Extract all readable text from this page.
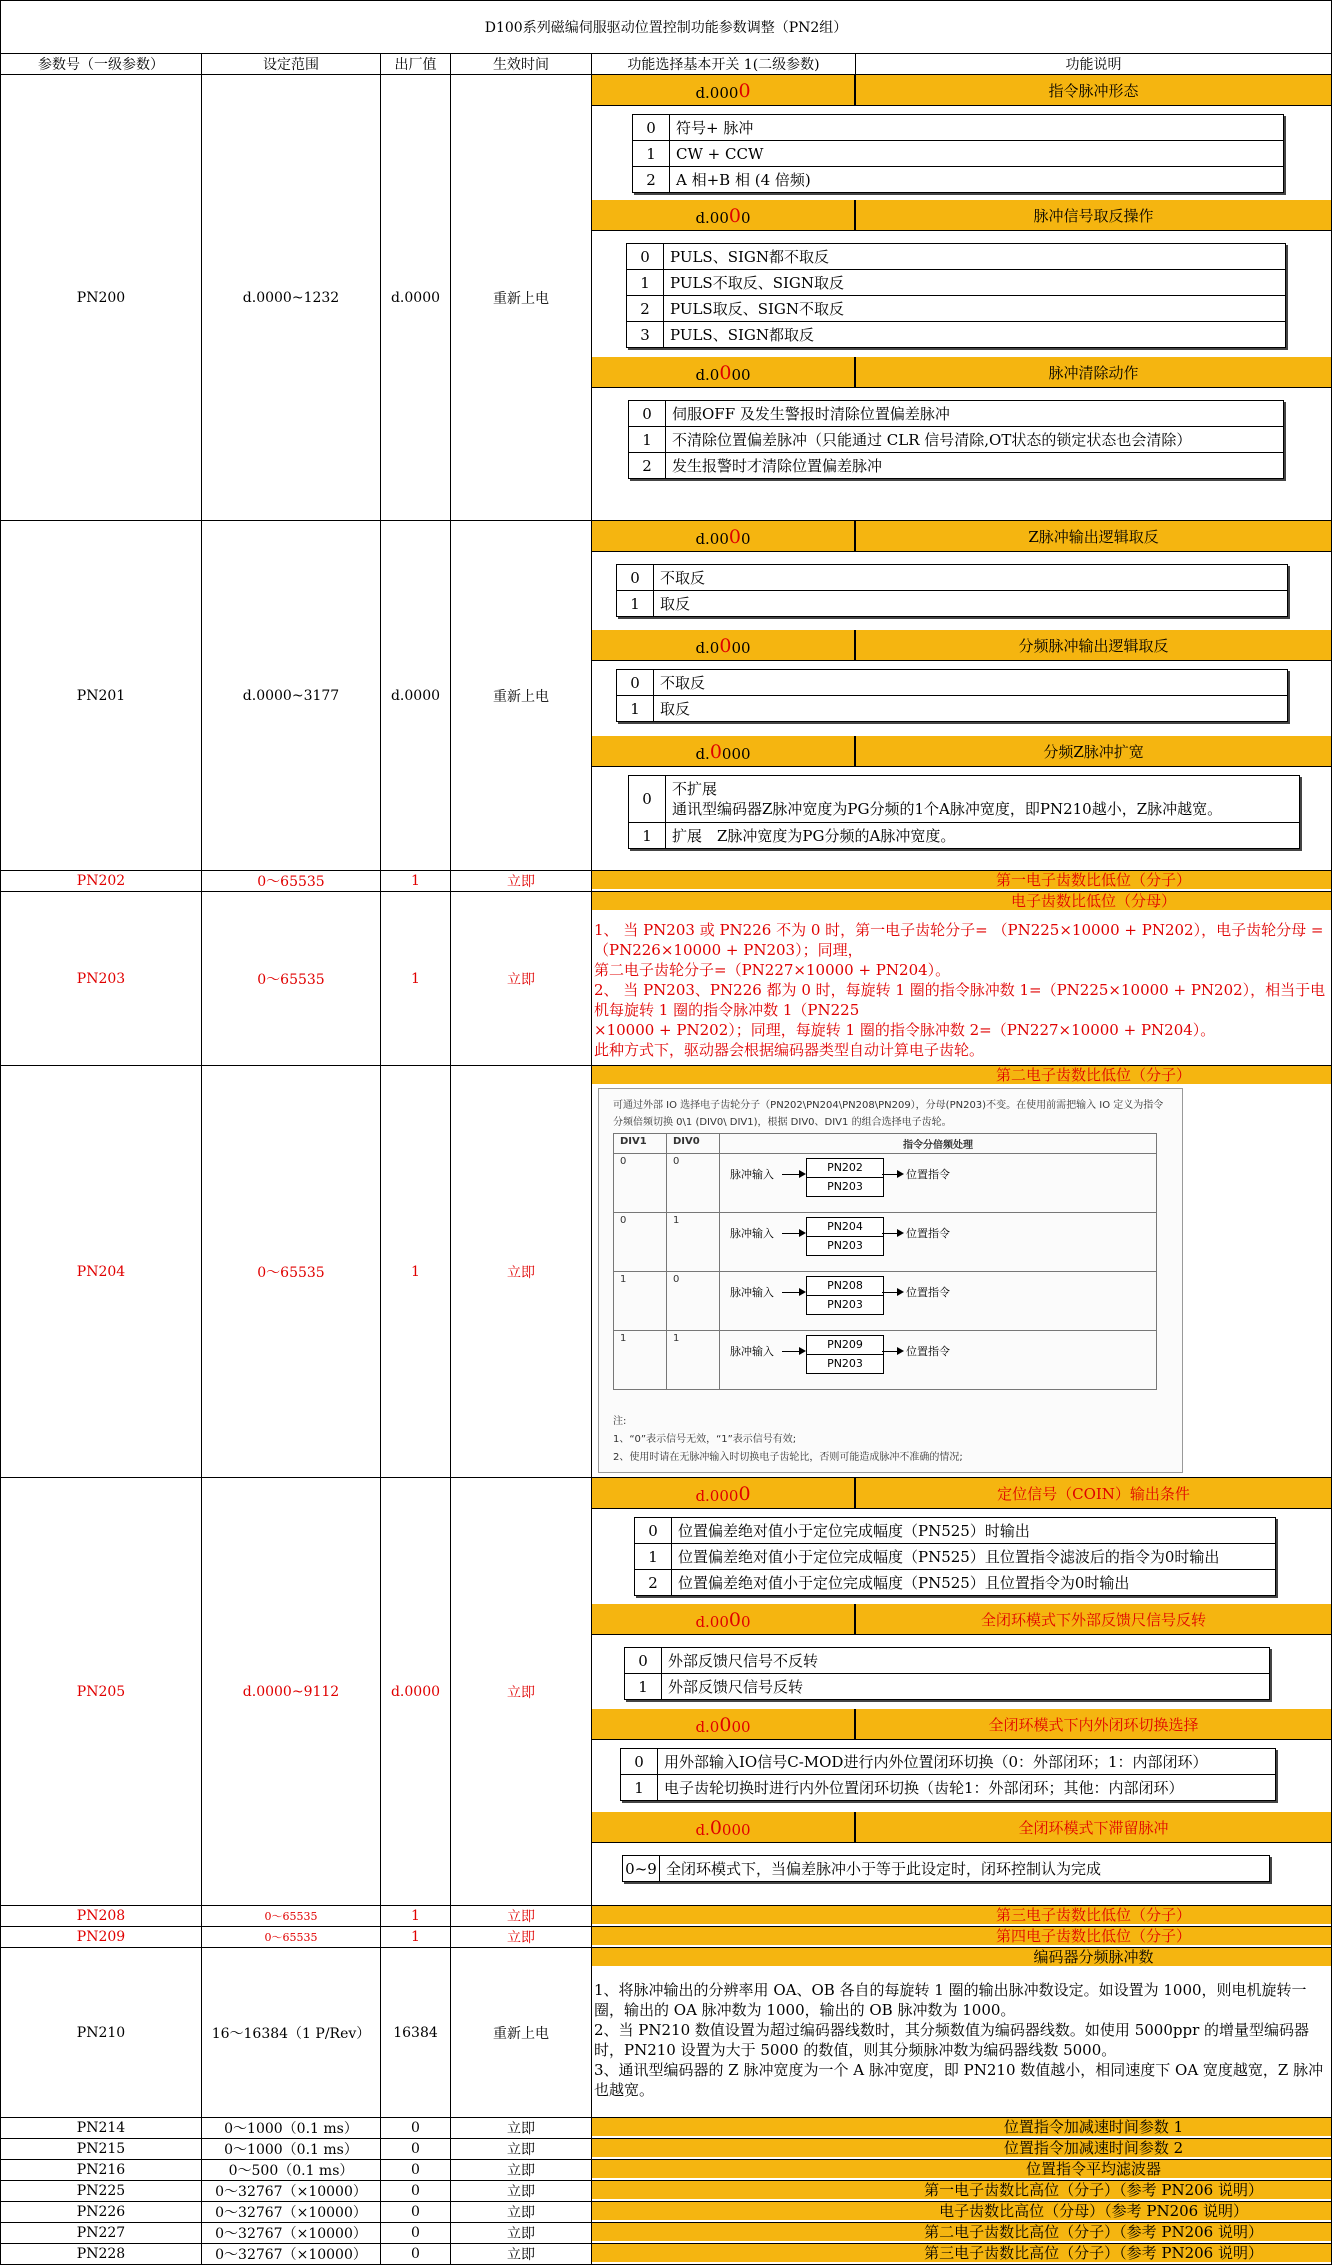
D100系列磁编伺服驱动位置控制功能参数调整（PN2组）
参数号（一级参数）	设定范围	出厂值	生效时间	功能选择基本开关 1(二级参数)	功能说明
PN200	d.0000~1232	d.0000	重新上电	
d.000 0	指令脉冲形态
0	符号+ 脉冲
1	CW + CCW
2	A 相+B 相 (4 倍频)
d.00 0 0	脉冲信号取反操作
0	PULS、SIGN都不取反
1	PULS不取反、SIGN取反
2	PULS取反、SIGN不取反
3	PULS、SIGN都取反
d.0 0 00	脉冲清除动作
0	伺服OFF 及发生警报时清除位置偏差脉冲
1	不清除位置偏差脉冲（只能通过 CLR 信号清除,OT状态的锁定状态也会清除）
2	发生报警时才清除位置偏差脉冲

PN201	d.0000~3177	d.0000	重新上电	
d.00 0 0	Z脉冲输出逻辑取反
0	不取反
1	取反
d.0 0 00	分频脉冲输出逻辑取反
0	不取反
1	取反
d. 0 000	分频Z脉冲扩宽
0	
不扩展
通讯型编码器Z脉冲宽度为PG分频的1个A脉冲宽度，即PN210越小，Z脉冲越宽。

1	扩展　Z脉冲宽度为PG分频的A脉冲宽度。

PN202	0～65535	1	立即	第一电子齿数比低位（分子）

PN203	0～65535	1	立即	
电子齿数比低位（分母）
1、 当 PN203 或 PN226 不为 0 时，第一电子齿轮分子= （PN225×10000 + PN202），电子齿轮分母 =（PN226×10000 + PN203）；同理，
第二电子齿轮分子=（PN227×10000 + PN204）。
2、 当 PN203、PN226 都为 0 时，每旋转 1 圈的指令脉冲数 1=（PN225×10000 + PN202），相当于电机每旋转 1 圈的指令脉冲数 1（PN225
×10000 + PN202）；同理，每旋转 1 圈的指令脉冲数 2=（PN227×10000 + PN204）。
此种方式下，驱动器会根据编码器类型自动计算电子齿轮。

PN204	0～65535	1	立即	
第二电子齿数比低位（分子）
可通过外部 IO 选择电子齿轮分子（PN202\PN204\PN208\PN209），分母(PN203)不变。在使用前需把输入 IO 定义为指令分频倍频切换 0\1 (DIV0\ DIV1)，根据 DIV0、DIV1 的组合选择电子齿轮。
DIV1	DIV0	指令分倍频处理
0	0	
脉冲输入
PN202
PN203
位置指令

0	1	
脉冲输入
PN204
PN203
位置指令

1	0	
脉冲输入
PN208
PN203
位置指令

1	1	
脉冲输入
PN209
PN203
位置指令
注:
1、“0”表示信号无效，“1”表示信号有效;
2、使用时请在无脉冲输入时切换电子齿轮比，否则可能造成脉冲不准确的情况;

PN205	d.0000~9112	d.0000	立即	
d.000 0	定位信号（COIN）输出条件
0	位置偏差绝对值小于定位完成幅度（PN525）时输出
1	位置偏差绝对值小于定位完成幅度（PN525）且位置指令滤波后的指令为0时输出
2	位置偏差绝对值小于定位完成幅度（PN525）且位置指令为0时输出
d.00 0 0	全闭环模式下外部反馈尺信号反转
0	外部反馈尺信号不反转
1	外部反馈尺信号反转
d.0 0 00	全闭环模式下内外闭环切换选择
0	用外部输入IO信号C-MOD进行内外位置闭环切换（0：外部闭环；1：内部闭环）
1	电子齿轮切换时进行内外位置闭环切换（齿轮1：外部闭环；其他：内部闭环）
d. 0 000	全闭环模式下滞留脉冲
0~9	全闭环模式下，当偏差脉冲小于等于此设定时，闭环控制认为完成

PN208	0～65535	1	立即	第三电子齿数比低位（分子）

PN209	0～65535	1	立即	第四电子齿数比低位（分子）

PN210	16～16384（1 P/Rev）	16384	重新上电	
编码器分频脉冲数
1、将脉冲输出的分辨率用 OA、OB 各自的每旋转 1 圈的输出脉冲数设定。如设置为 1000，则电机旋转一圈，输出的 OA 脉冲数为 1000，输出的 OB 脉冲数为 1000。
2、当 PN210 数值设置为超过编码器线数时，其分频数值为编码器线数。如使用 5000ppr 的增量型编码器时，PN210 设置为大于 5000 的数值，则其分频脉冲数为编码器线数 5000。
3、通讯型编码器的 Z 脉冲宽度为一个 A 脉冲宽度，即 PN210 数值越小，相同速度下 OA 宽度越宽，Z 脉冲也越宽。

PN214	0～1000（0.1 ms）	0	立即	位置指令加减速时间参数 1

PN215	0～1000（0.1 ms）	0	立即	位置指令加减速时间参数 2

PN216	0～500（0.1 ms）	0	立即	位置指令平均滤波器

PN225	0～32767（×10000）	0	立即	第一电子齿数比高位（分子）（参考 PN206 说明）

PN226	0～32767（×10000）	0	立即	电子齿数比高位（分母）（参考 PN206 说明）

PN227	0～32767（×10000）	0	立即	第二电子齿数比高位（分子）（参考 PN206 说明）

PN228	0～32767（×10000）	0	立即	第三电子齿数比高位（分子）（参考 PN206 说明）
